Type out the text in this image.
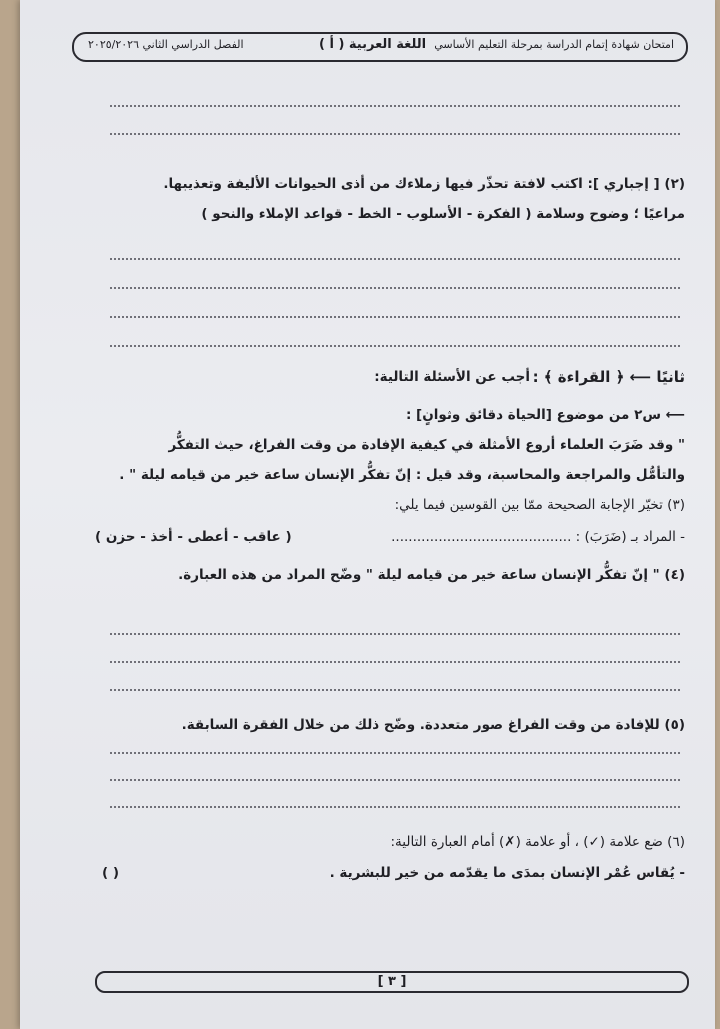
امتحان شهادة إتمام الدراسة بمرحلة التعليم الأساسي
اللغة العربية ( أ )
الفصل الدراسي الثاني ٢٠٢٥/٢٠٢٦
(٢) [ إجباري ]: اكتب لافتة تحذّر فيها زملاءك من أذى الحيوانات الأليفة وتعذيبها.
مراعيًا ؛ وضوح وسلامة ( الفكرة - الأسلوب - الخط - قواعد الإملاء والنحو )
ثانيًا ⟵ ﴿ القراءة ﴾ :
أجب عن الأسئلة التالية:
⟵ س٢ من موضوع [الحياة دقائق وثوانٍ] :
" وقد ضَرَبَ العلماء أروع الأمثلة في كيفية الإفادة من وقت الفراغ، حيث التفكُّر
والتأمُّل والمراجعة والمحاسبة، وقد قيل : إنّ تفكُّر الإنسان ساعة خير من قيامه ليلة " .
(٣) تخيّر الإجابة الصحيحة ممّا بين القوسين فيما يلي:
- المراد بـ (ضَرَبَ) : ..........................................
( عاقب - أعطى - أخذ - حزن )
(٤) " إنّ تفكُّر الإنسان ساعة خير من قيامه ليلة " وضّح المراد من هذه العبارة.
(٥) للإفادة من وقت الفراغ صور متعددة. وضّح ذلك من خلال الفقرة السابقة.
(٦) ضع علامة (✓) ، أو علامة (✗) أمام العبارة التالية:
- يُقاس عُمْر الإنسان بمدَى ما يقدّمه من خير للبشرية .
( )
[ ٣ ]
